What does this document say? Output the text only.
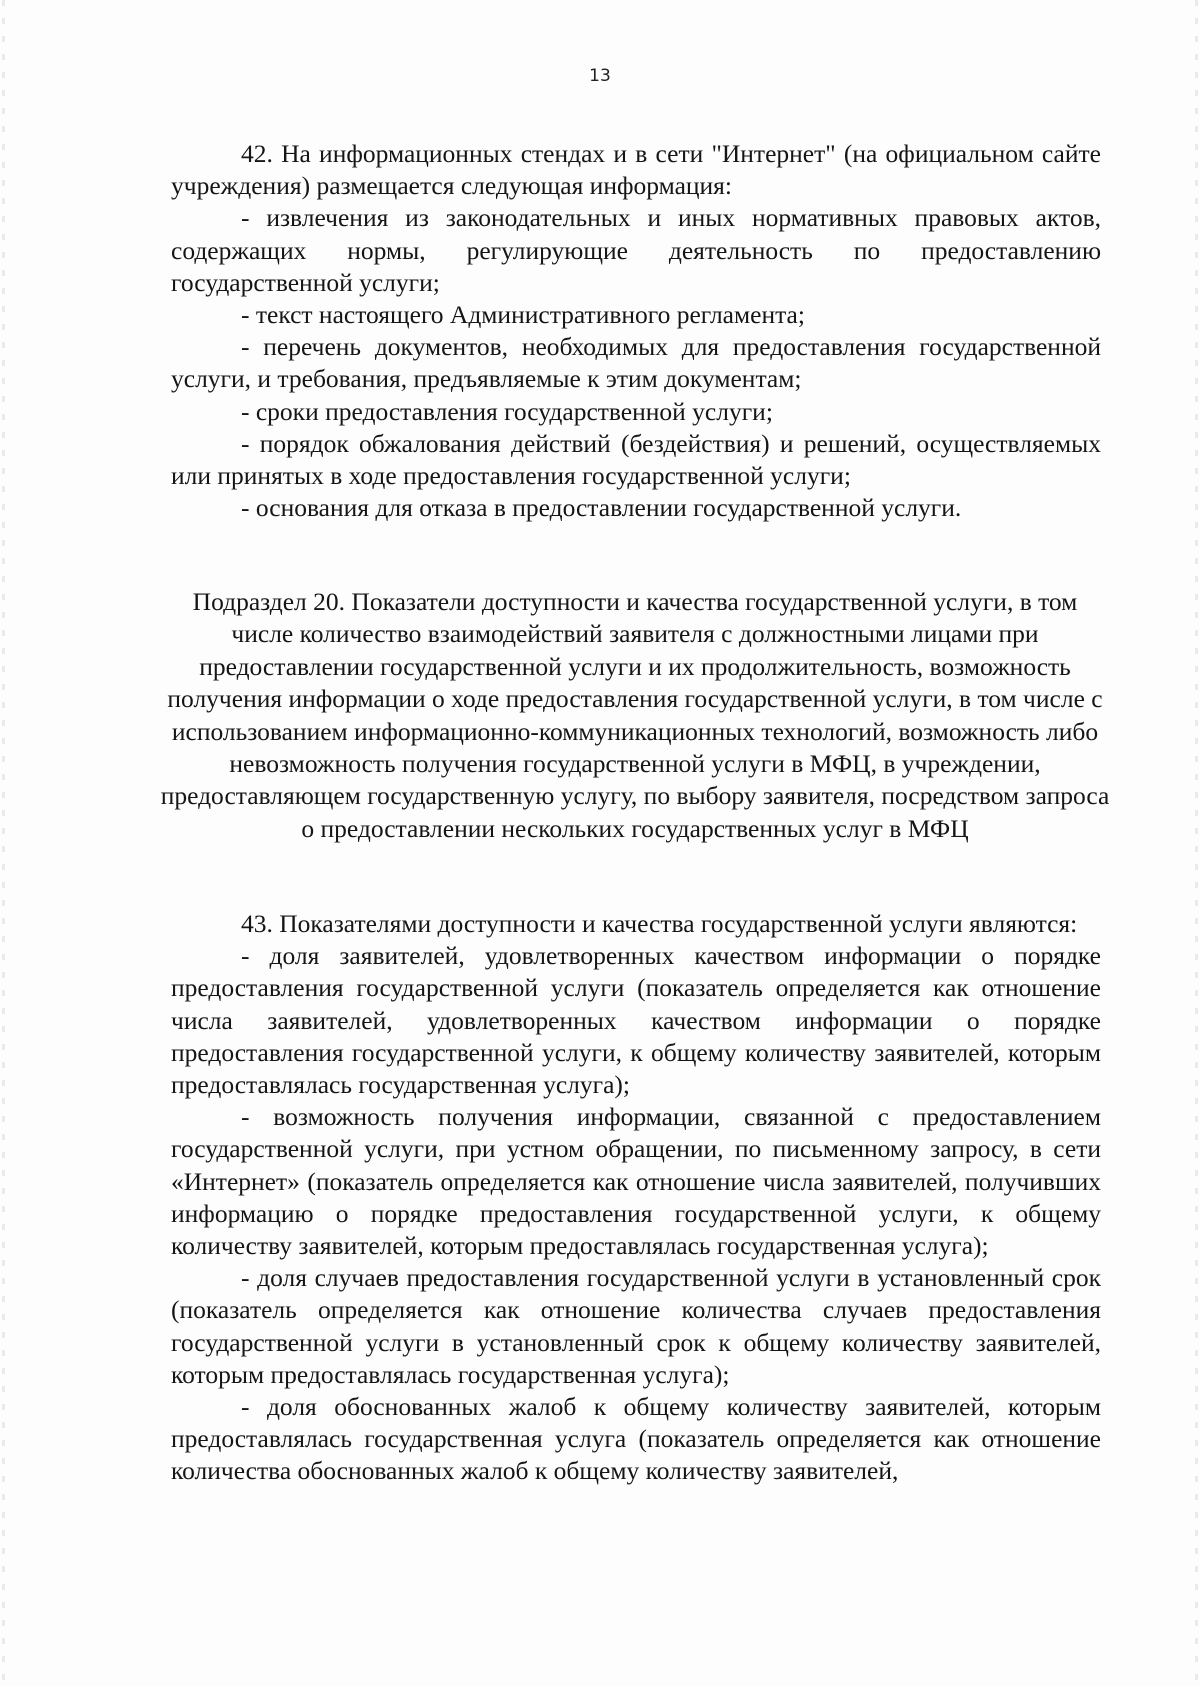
13

42. На информационных стендах и в сети "Интернет" (на официальном сайте учреждения) размещается следующая информация:

- извлечения из законодательных и иных нормативных правовых актов, содержащих нормы, регулирующие деятельность по предоставлению государственной услуги;

- текст настоящего Административного регламента;

- перечень документов, необходимых для предоставления государственной услуги, и требования, предъявляемые к этим документам;

- сроки предоставления государственной услуги;

- порядок обжалования действий (бездействия) и решений, осуществляемых или принятых в ходе предоставления государственной услуги;

- основания для отказа в предоставлении государственной услуги.

Подраздел 20. Показатели доступности и качества государственной услуги, в том числе количество взаимодействий заявителя с должностными лицами при предоставлении государственной услуги и их продолжительность, возможность получения информации о ходе предоставления государственной услуги, в том числе с использованием информационно-коммуникационных технологий, возможность либо невозможность получения государственной услуги в МФЦ, в учреждении, предоставляющем государственную услугу, по выбору заявителя, посредством запроса о предоставлении нескольких государственных услуг в МФЦ

43. Показателями доступности и качества государственной услуги являются:

- доля заявителей, удовлетворенных качеством информации о порядке предоставления государственной услуги (показатель определяется как отношение числа заявителей, удовлетворенных качеством информации о порядке предоставления государственной услуги, к общему количеству заявителей, которым предоставлялась государственная услуга);

- возможность получения информации, связанной с предоставлением государственной услуги, при устном обращении, по письменному запросу, в сети «Интернет» (показатель определяется как отношение числа заявителей, получивших информацию о порядке предоставления государственной услуги, к общему количеству заявителей, которым предоставлялась государственная услуга);

- доля случаев предоставления государственной услуги в установленный срок (показатель определяется как отношение количества случаев предоставления государственной услуги в установленный срок к общему количеству заявителей, которым предоставлялась государственная услуга);

- доля обоснованных жалоб к общему количеству заявителей, которым предоставлялась государственная услуга (показатель определяется как отношение количества обоснованных жалоб к общему количеству заявителей,
